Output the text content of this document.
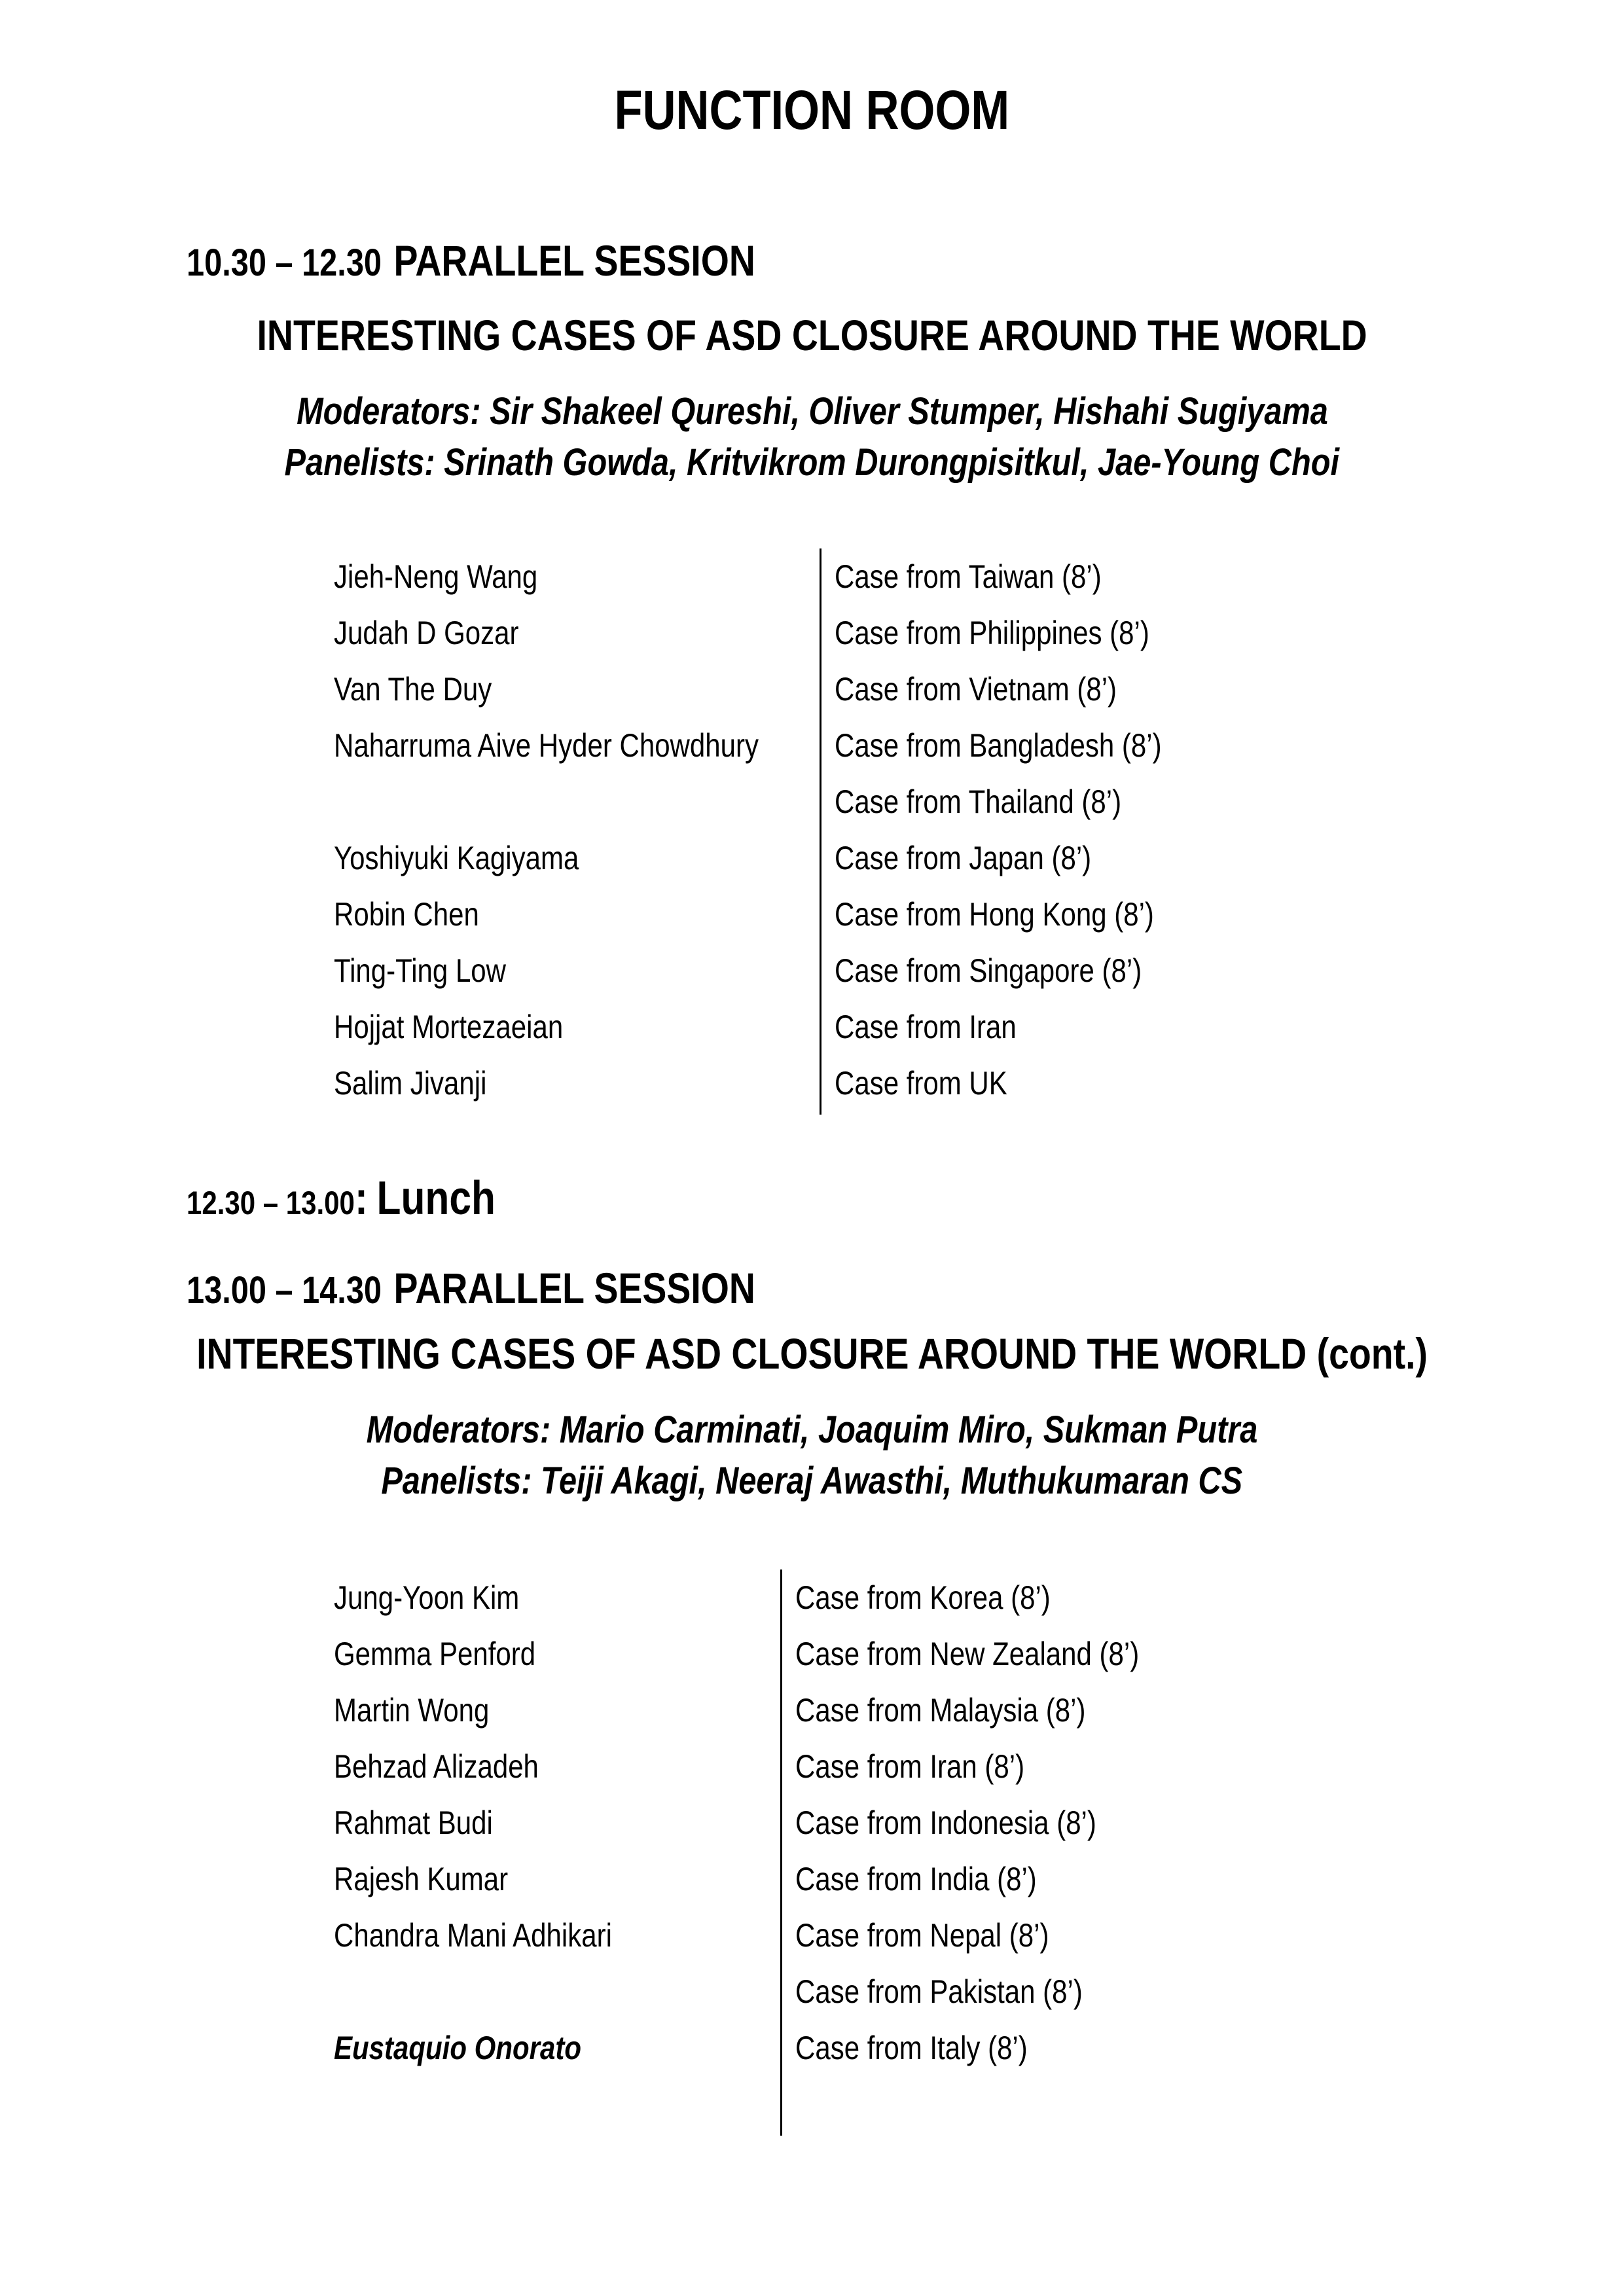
FUNCTION ROOM
10.30 – 12.30 PARALLEL SESSION
INTERESTING CASES OF ASD CLOSURE AROUND THE WORLD
Moderators: Sir Shakeel Qureshi, Oliver Stumper, Hishahi Sugiyama
Panelists: Srinath Gowda, Kritvikrom Durongpisitkul, Jae-Young Choi
Jieh-Neng Wang	Case from Taiwan (8’)
Judah D Gozar	Case from Philippines (8’)
Van The Duy	Case from Vietnam (8’)
Naharruma Aive Hyder Chowdhury Case from Bangladesh (8’)
Case from Thailand (8’)
Yoshiyuki Kagiyama	Case from Japan (8’)
Robin Chen	Case from Hong Kong (8’)
Ting-Ting Low	Case from Singapore (8’)
Hojjat Mortezaeian	Case from Iran
Salim Jivanji	Case from UK
12.30 – 13.00: Lunch
13.00 – 14.30 PARALLEL SESSION
INTERESTING CASES OF ASD CLOSURE AROUND THE WORLD (cont.)
Moderators: Mario Carminati, Joaquim Miro, Sukman Putra
Panelists: Teiji Akagi, Neeraj Awasthi, Muthukumaran CS
Jung-Yoon Kim	Case from Korea (8’)
Gemma Penford	Case from New Zealand (8’)
Martin Wong	Case from Malaysia (8’)
Behzad Alizadeh	Case from Iran (8’)
Rahmat Budi	Case from Indonesia (8’)
Rajesh Kumar	Case from India (8’)
Chandra Mani Adhikari	Case from Nepal (8’)
Case from Pakistan (8’)
Eustaquio Onorato	Case from Italy (8’)
